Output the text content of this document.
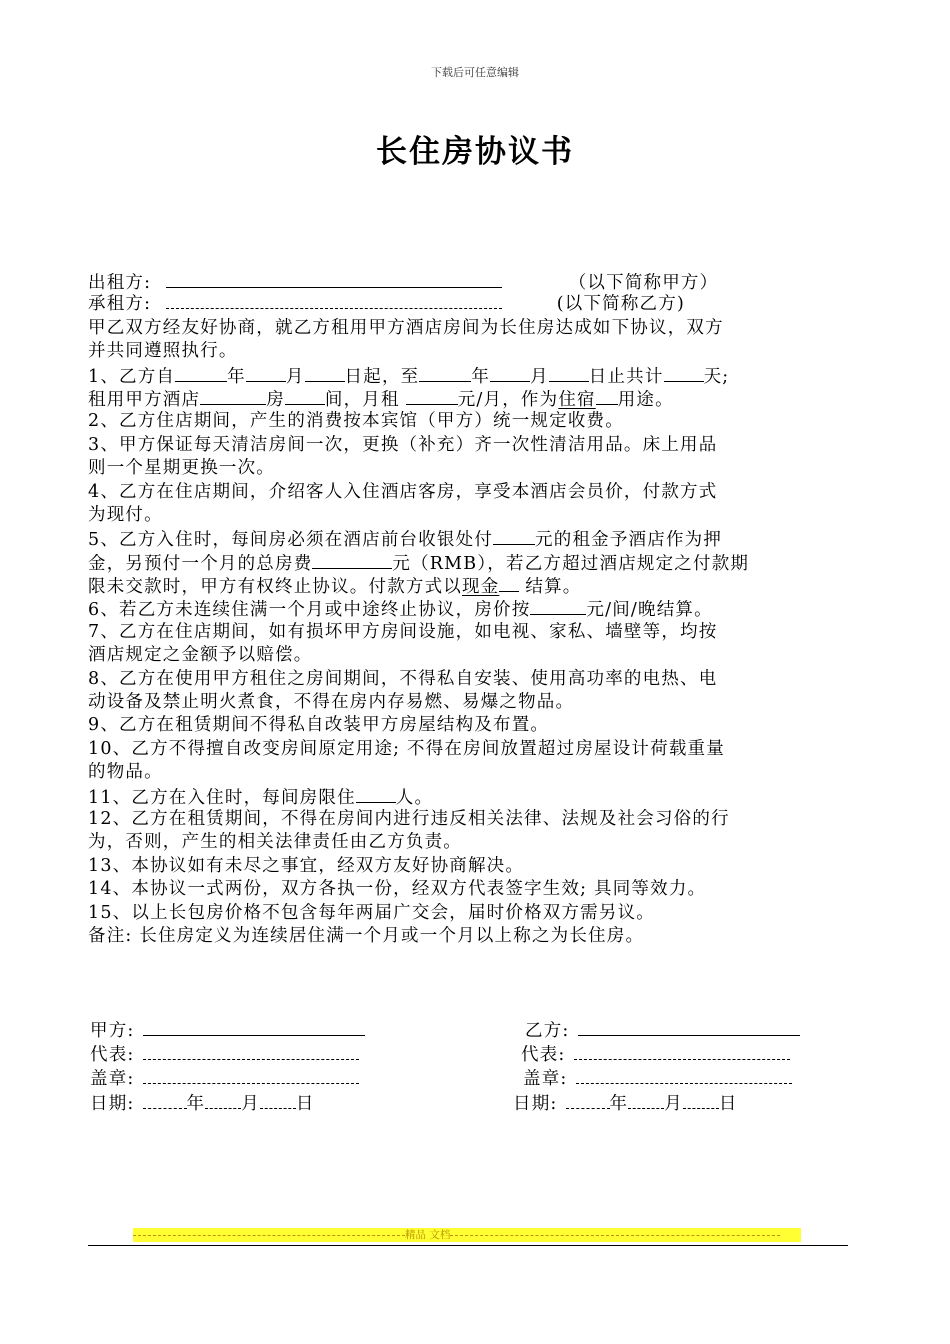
下载后可任意编辑
长住房协议书
出租方:	（以下简称甲方）
承租方:	(以下简称乙方)
甲乙双方经友好协商，就乙方租用甲方酒店房间为长住房达成如下协议，双方
并共同遵照执行。
1、乙方自	年 月 日起，至	年 月 日止共计 天;
租用甲方酒店	房 间，月租	元/月，作为住宿 用途。
2、乙方住店期间，产生的消费按本宾馆（甲方）统一规定收费。
3、甲方保证每天清洁房间一次，更换（补充）齐一次性清洁用品。床上用品
则一个星期更换一次。
4、乙方在住店期间，介绍客人入住酒店客房，享受本酒店会员价，付款方式
为现付。
5、乙方入住时，每间房必须在酒店前台收银处付 元的租金予酒店作为押
金，另预付一个月的总房费	元（RMB），若乙方超过酒店规定之付款期
限未交款时，甲方有权终止协议。付款方式以现金 结算。
6、若乙方未连续住满一个月或中途终止协议，房价按	元/间/晚结算。
7、乙方在住店期间，如有损坏甲方房间设施，如电视、家私、墙壁等，均按
酒店规定之金额予以赔偿。
8、乙方在使用甲方租住之房间期间，不得私自安装、使用高功率的电热、电
动设备及禁止明火煮食，不得在房内存易燃、易爆之物品。
9、乙方在租赁期间不得私自改装甲方房屋结构及布置。
10、乙方不得擅自改变房间原定用途; 不得在房间放置超过房屋设计荷载重量
的物品。
11、乙方在入住时，每间房限住 人。
12、乙方在租赁期间，不得在房间内进行违反相关法律、法规及社会习俗的行
为，否则，产生的相关法律责任由乙方负责。
13、本协议如有未尽之事宜，经双方友好协商解决。
14、本协议一式两份，双方各执一份，经双方代表签字生效; 具同等效力。
15、以上长包房价格不包含每年两届广交会，届时价格双方需另议。
备注: 长住房定义为连续居住满一个月或一个月以上称之为长住房。
甲方:	乙方:
代表:	代表:
盖章:	盖章:
日期:	年 月 日	日期:	年 月 日
精品 文档
